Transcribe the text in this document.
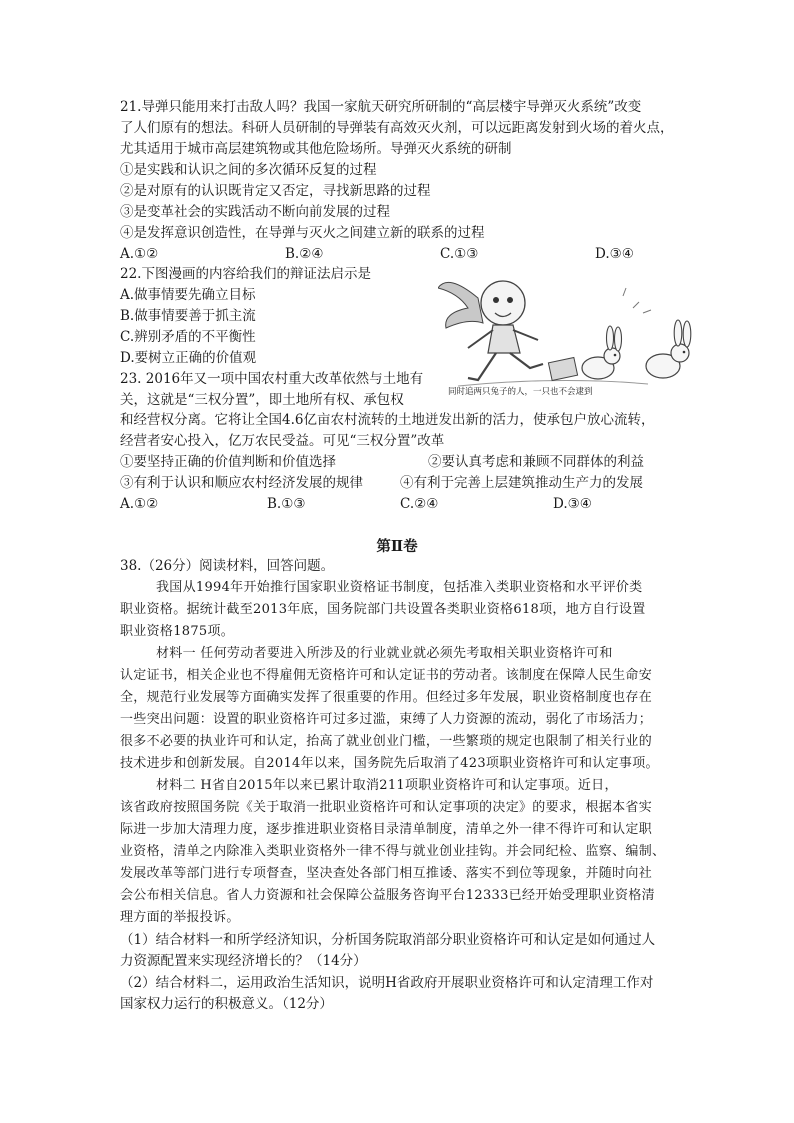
21.导弹只能用来打击敌人吗？我国一家航天研究所研制的“高层楼宇导弹灭火系统”改变
了人们原有的想法。科研人员研制的导弹装有高效灭火剂，可以远距离发射到火场的着火点，
尤其适用于城市高层建筑物或其他危险场所。导弹灭火系统的研制
①是实践和认识之间的多次循环反复的过程
②是对原有的认识既肯定又否定，寻找新思路的过程
③是变革社会的实践活动不断向前发展的过程
④是发挥意识创造性，在导弹与灭火之间建立新的联系的过程
A.①②	B.②④	C.①③	D.③④
22.下图漫画的内容给我们的辩证法启示是
A.做事情要先确立目标
B.做事情要善于抓主流
C.辨别矛盾的不平衡性
D.要树立正确的价值观
同时追两只兔子的人，一只也不会逮到
23. 2016年又一项中国农村重大改革依然与土地有
关，这就是“三权分置”，即土地所有权、承包权
和经营权分离。它将让全国4.6亿亩农村流转的土地迸发出新的活力，使承包户放心流转，
经营者安心投入，亿万农民受益。可见“三权分置”改革
①要坚持正确的价值判断和价值选择	②要认真考虑和兼顾不同群体的利益
③有利于认识和顺应农村经济发展的规律	④有利于完善上层建筑推动生产力的发展
A.①②	B.①③	C.②④	D.③④
第Ⅱ卷
38.（26分）阅读材料，回答问题。
我国从1994年开始推行国家职业资格证书制度，包括准入类职业资格和水平评价类
职业资格。据统计截至2013年底，国务院部门共设置各类职业资格618项，地方自行设置
职业资格1875项。
材料一 任何劳动者要进入所涉及的行业就业就必须先考取相关职业资格许可和
认定证书，相关企业也不得雇佣无资格许可和认定证书的劳动者。该制度在保障人民生命安
全，规范行业发展等方面确实发挥了很重要的作用。但经过多年发展，职业资格制度也存在
一些突出问题：设置的职业资格许可过多过滥，束缚了人力资源的流动，弱化了市场活力；
很多不必要的执业许可和认定，抬高了就业创业门槛，一些繁琐的规定也限制了相关行业的
技术进步和创新发展。自2014年以来，国务院先后取消了423项职业资格许可和认定事项。
材料二 H省自2015年以来已累计取消211项职业资格许可和认定事项。近日，
该省政府按照国务院《关于取消一批职业资格许可和认定事项的决定》的要求，根据本省实
际进一步加大清理力度，逐步推进职业资格目录清单制度，清单之外一律不得许可和认定职
业资格，清单之内除准入类职业资格外一律不得与就业创业挂钩。并会同纪检、监察、编制、
发展改革等部门进行专项督查，坚决查处各部门相互推诿、落实不到位等现象，并随时向社
会公布相关信息。省人力资源和社会保障公益服务咨询平台12333已经开始受理职业资格清
理方面的举报投诉。
（1）结合材料一和所学经济知识，分析国务院取消部分职业资格许可和认定是如何通过人
力资源配置来实现经济增长的？（14分）
（2）结合材料二，运用政治生活知识，说明H省政府开展职业资格许可和认定清理工作对
国家权力运行的积极意义。（12分）
